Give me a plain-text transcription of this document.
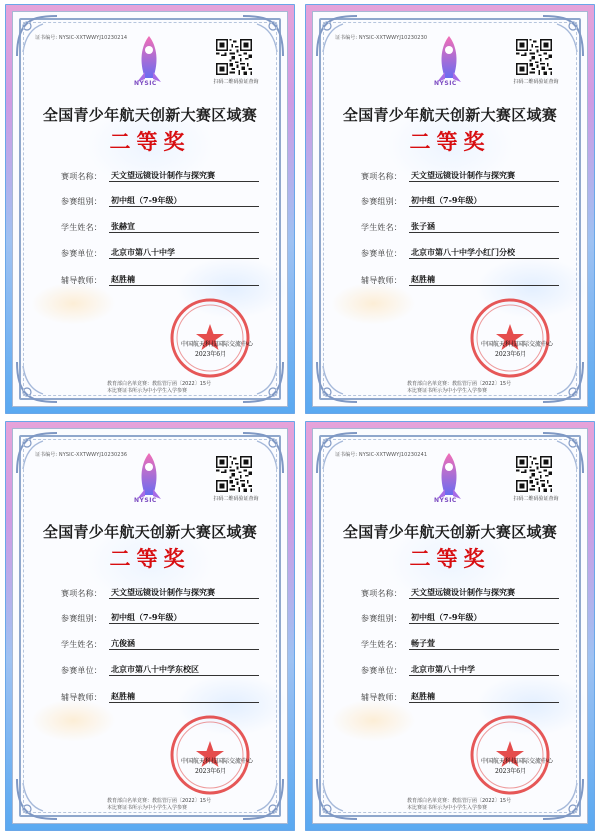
证书编号: NYSIC-XXTWWYJ10230214
NYSIC	扫码二维码验证查询
全国青少年航天创新大赛区域赛
二等奖
赛项名称： 天文望远镜设计制作与探究赛
参赛组别： 初中组（7-9年级）
学生姓名： 张赫宣
参赛单位： 北京市第八十中学
辅导教师： 赵胜楠
中国航天科技国际交流中心
2023年6月
教育部白名单竞赛：教监管厅函〔2022〕15号
本比赛证书所示为中小学生入学参赛
证书编号: NYSIC-XXTWWYJ10230230
NYSIC	扫码二维码验证查询
全国青少年航天创新大赛区域赛
二等奖
赛项名称： 天文望远镜设计制作与探究赛
参赛组别： 初中组（7-9年级）
学生姓名： 张子涵
参赛单位： 北京市第八十中学小红门分校
辅导教师： 赵胜楠
中国航天科技国际交流中心
2023年6月
教育部白名单竞赛：教监管厅函〔2022〕15号
本比赛证书所示为中小学生入学参赛
证书编号: NYSIC-XXTWWYJ10230236
NYSIC	扫码二维码验证查询
全国青少年航天创新大赛区域赛
二等奖
赛项名称： 天文望远镜设计制作与探究赛
参赛组别： 初中组（7-9年级）
学生姓名： 亢俊涵
参赛单位： 北京市第八十中学东校区
辅导教师： 赵胜楠
中国航天科技国际交流中心
2023年6月
教育部白名单竞赛：教监管厅函〔2022〕15号
本比赛证书所示为中小学生入学参赛
证书编号: NYSIC-XXTWWYJ10230241
NYSIC	扫码二维码验证查询
全国青少年航天创新大赛区域赛
二等奖
赛项名称： 天文望远镜设计制作与探究赛
参赛组别： 初中组（7-9年级）
学生姓名： 畅子萱
参赛单位： 北京市第八十中学
辅导教师： 赵胜楠
中国航天科技国际交流中心
2023年6月
教育部白名单竞赛：教监管厅函〔2022〕15号
本比赛证书所示为中小学生入学参赛
